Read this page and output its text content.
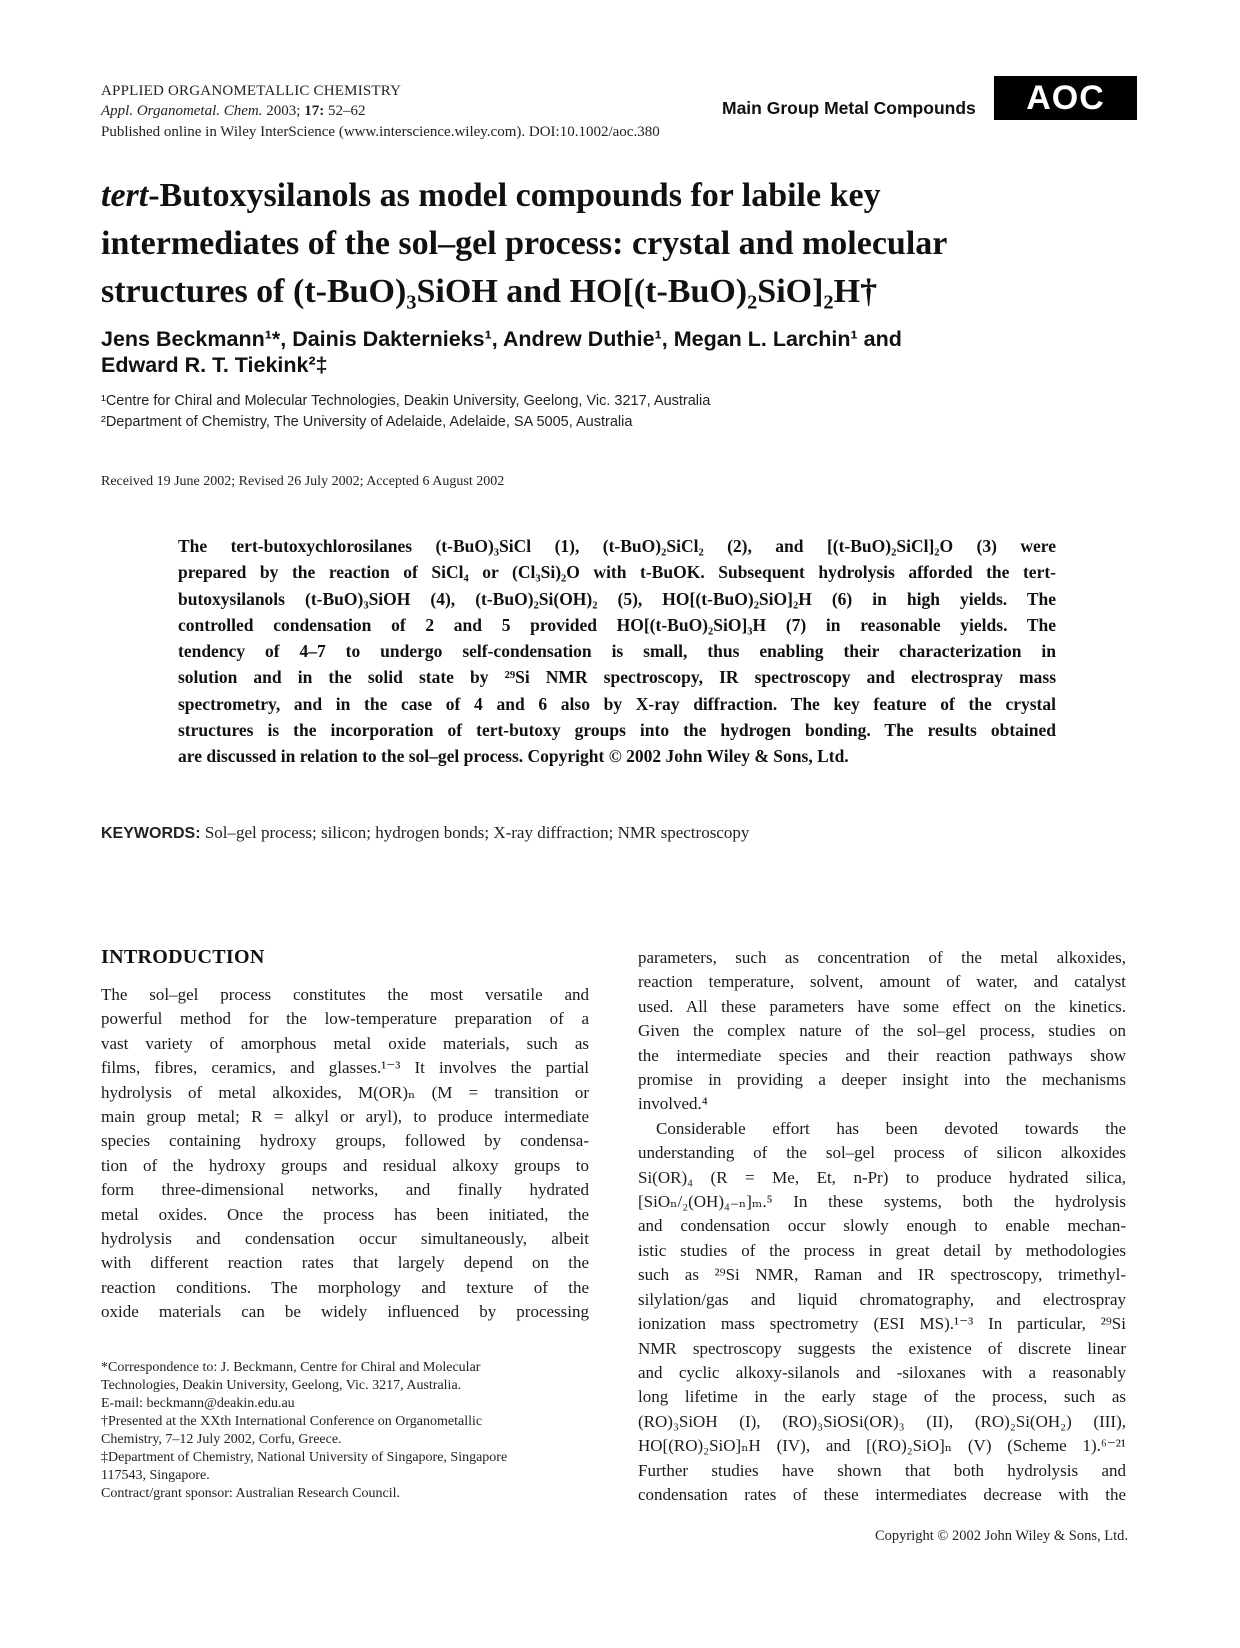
APPLIED ORGANOMETALLIC CHEMISTRY
Appl. Organometal. Chem. 2003; 17: 52–62
Published online in Wiley InterScience (www.interscience.wiley.com). DOI:10.1002/aoc.380
Main Group Metal Compounds	AOC
tert-Butoxysilanols as model compounds for labile key
intermediates of the sol–gel process: crystal and molecular
structures of (t-BuO)₃SiOH and HO[(t-BuO)₂SiO]₂H†
Jens Beckmann¹*, Dainis Dakternieks¹, Andrew Duthie¹, Megan L. Larchin¹ and
Edward R. T. Tiekink²‡
¹Centre for Chiral and Molecular Technologies, Deakin University, Geelong, Vic. 3217, Australia
²Department of Chemistry, The University of Adelaide, Adelaide, SA 5005, Australia
Received 19 June 2002; Revised 26 July 2002; Accepted 6 August 2002
The tert-butoxychlorosilanes (t-BuO)₃SiCl (1), (t-BuO)₂SiCl₂ (2), and [(t-BuO)₂SiCl]₂O (3) were
prepared by the reaction of SiCl₄ or (Cl₃Si)₂O with t-BuOK. Subsequent hydrolysis afforded the tert-
butoxysilanols (t-BuO)₃SiOH (4), (t-BuO)₂Si(OH)₂ (5), HO[(t-BuO)₂SiO]₂H (6) in high yields. The
controlled condensation of 2 and 5 provided HO[(t-BuO)₂SiO]₃H (7) in reasonable yields. The
tendency of 4–7 to undergo self-condensation is small, thus enabling their characterization in
solution and in the solid state by ²⁹Si NMR spectroscopy, IR spectroscopy and electrospray mass
spectrometry, and in the case of 4 and 6 also by X-ray diffraction. The key feature of the crystal
structures is the incorporation of tert-butoxy groups into the hydrogen bonding. The results obtained
are discussed in relation to the sol–gel process. Copyright © 2002 John Wiley & Sons, Ltd.
KEYWORDS: Sol–gel process; silicon; hydrogen bonds; X-ray diffraction; NMR spectroscopy
INTRODUCTION
The sol–gel process constitutes the most versatile and
powerful method for the low-temperature preparation of a
vast variety of amorphous metal oxide materials, such as
films, fibres, ceramics, and glasses.¹⁻³ It involves the partial
hydrolysis of metal alkoxides, M(OR)ₙ (M = transition or
main group metal; R = alkyl or aryl), to produce intermediate
species containing hydroxy groups, followed by condensa-
tion of the hydroxy groups and residual alkoxy groups to
form three-dimensional networks, and finally hydrated
metal oxides. Once the process has been initiated, the
hydrolysis and condensation occur simultaneously, albeit
with different reaction rates that largely depend on the
reaction conditions. The morphology and texture of the
oxide materials can be widely influenced by processing
*Correspondence to: J. Beckmann, Centre for Chiral and Molecular
Technologies, Deakin University, Geelong, Vic. 3217, Australia.
E-mail: beckmann@deakin.edu.au
†Presented at the XXth International Conference on Organometallic
Chemistry, 7–12 July 2002, Corfu, Greece.
‡Department of Chemistry, National University of Singapore, Singapore
117543, Singapore.
Contract/grant sponsor: Australian Research Council.
parameters, such as concentration of the metal alkoxides,
reaction temperature, solvent, amount of water, and catalyst
used. All these parameters have some effect on the kinetics.
Given the complex nature of the sol–gel process, studies on
the intermediate species and their reaction pathways show
promise in providing a deeper insight into the mechanisms
involved.⁴
Considerable effort has been devoted towards the
understanding of the sol–gel process of silicon alkoxides
Si(OR)₄ (R = Me, Et, n-Pr) to produce hydrated silica,
[SiOₙ/₂(OH)₄₋ₙ]ₘ.⁵ In these systems, both the hydrolysis
and condensation occur slowly enough to enable mechan-
istic studies of the process in great detail by methodologies
such as ²⁹Si NMR, Raman and IR spectroscopy, trimethyl-
silylation/gas and liquid chromatography, and electrospray
ionization mass spectrometry (ESI MS).¹⁻³ In particular, ²⁹Si
NMR spectroscopy suggests the existence of discrete linear
and cyclic alkoxy-silanols and -siloxanes with a reasonably
long lifetime in the early stage of the process, such as
(RO)₃SiOH (I), (RO)₃SiOSi(OR)₃ (II), (RO)₂Si(OH₂) (III),
HO[(RO)₂SiO]ₙH (IV), and [(RO)₂SiO]ₙ (V) (Scheme 1).⁶⁻²¹
Further studies have shown that both hydrolysis and
condensation rates of these intermediates decrease with the
Copyright © 2002 John Wiley & Sons, Ltd.
